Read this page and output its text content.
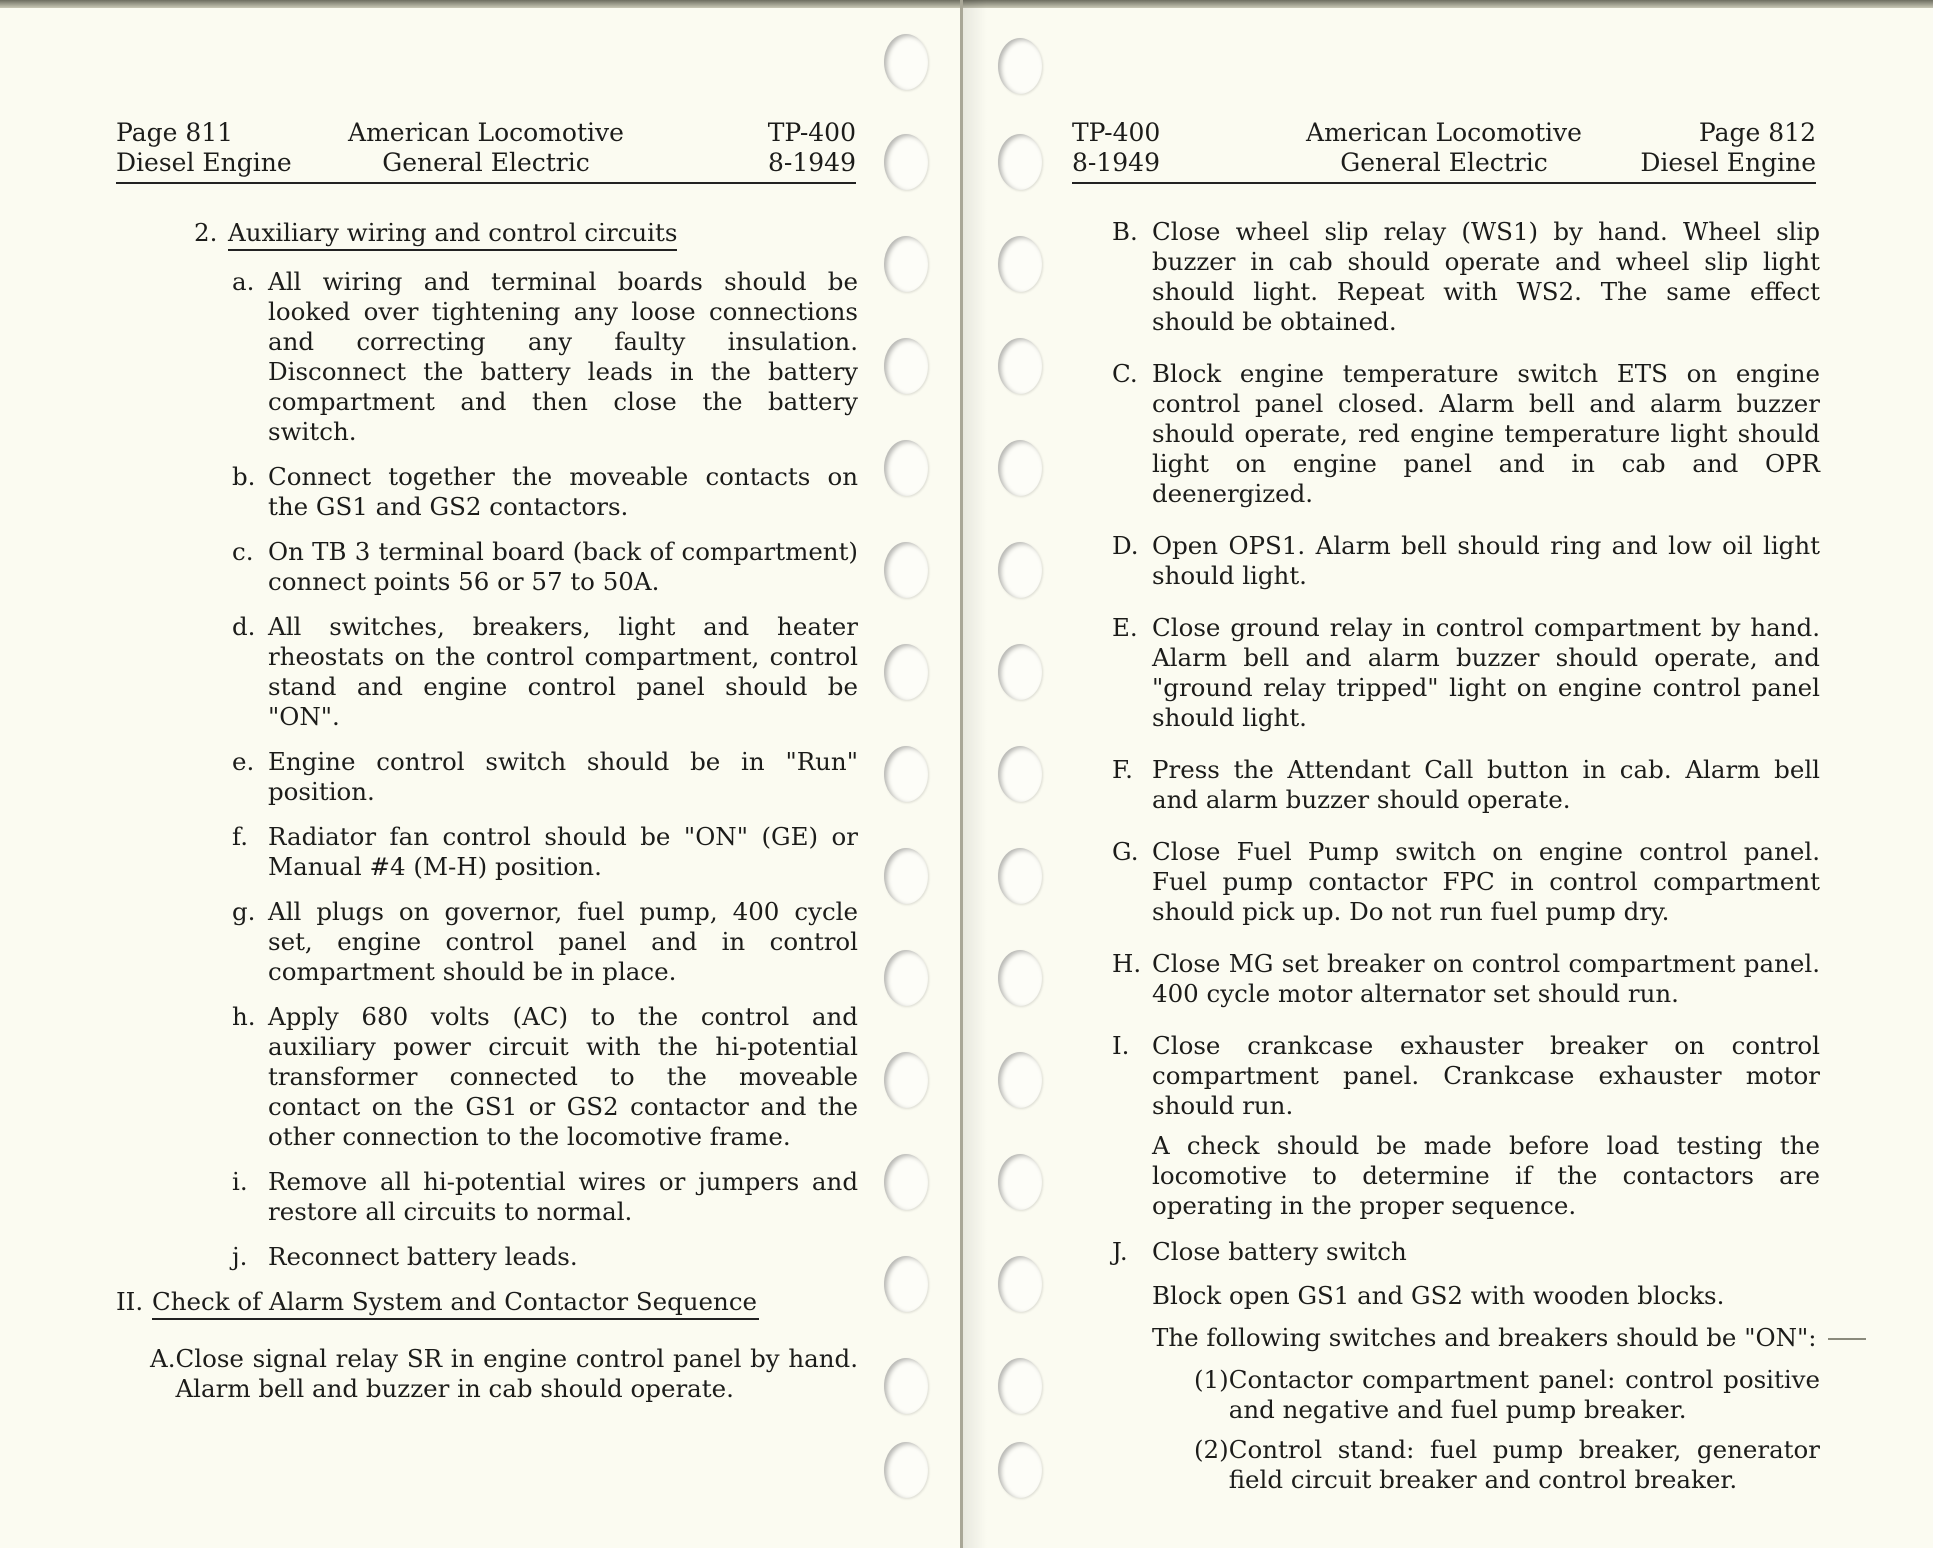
Page 811
Diesel Engine
American Locomotive
General Electric
TP-400
8-1949
2. Auxiliary wiring and control circuits
a. All wiring and terminal boards should be looked over tightening any loose connections and correcting any faulty insulation. Disconnect the battery leads in the battery compartment and then close the battery switch.
b. Connect together the moveable contacts on the GS1 and GS2 contactors.
c. On TB 3 terminal board (back of compartment) connect points 56 or 57 to 50A.
d. All switches, breakers, light and heater rheostats on the control compartment, control stand and engine control panel should be "ON".
e. Engine control switch should be in "Run" position.
f. Radiator fan control should be "ON" (GE) or Manual #4 (M-H) position.
g. All plugs on governor, fuel pump, 400 cycle set, engine control panel and in control compartment should be in place.
h. Apply 680 volts (AC) to the control and auxiliary power circuit with the hi-potential transformer connected to the moveable contact on the GS1 or GS2 contactor and the other connection to the locomotive frame.
i. Remove all hi-potential wires or jumpers and restore all circuits to normal.
j. Reconnect battery leads.
II. Check of Alarm System and Contactor Sequence
A. Close signal relay SR in engine control panel by hand. Alarm bell and buzzer in cab should operate.
TP-400
8-1949
American Locomotive
General Electric
Page 812
Diesel Engine
B. Close wheel slip relay (WS1) by hand. Wheel slip buzzer in cab should operate and wheel slip light should light. Repeat with WS2. The same effect should be obtained.
C. Block engine temperature switch ETS on engine control panel closed. Alarm bell and alarm buzzer should operate, red engine temperature light should light on engine panel and in cab and OPR deenergized.
D. Open OPS1. Alarm bell should ring and low oil light should light.
E. Close ground relay in control compartment by hand. Alarm bell and alarm buzzer should operate, and "ground relay tripped" light on engine control panel should light.
F. Press the Attendant Call button in cab. Alarm bell and alarm buzzer should operate.
G. Close Fuel Pump switch on engine control panel. Fuel pump contactor FPC in control compartment should pick up. Do not run fuel pump dry.
H. Close MG set breaker on control compartment panel. 400 cycle motor alternator set should run.
I. Close crankcase exhauster breaker on control compartment panel. Crankcase exhauster motor should run.
A check should be made before load testing the locomotive to determine if the contactors are operating in the proper sequence.
J. Close battery switch
Block open GS1 and GS2 with wooden blocks.
The following switches and breakers should be "ON":
(1) Contactor compartment panel: control positive and negative and fuel pump breaker.
(2) Control stand: fuel pump breaker, generator field circuit breaker and control breaker.
